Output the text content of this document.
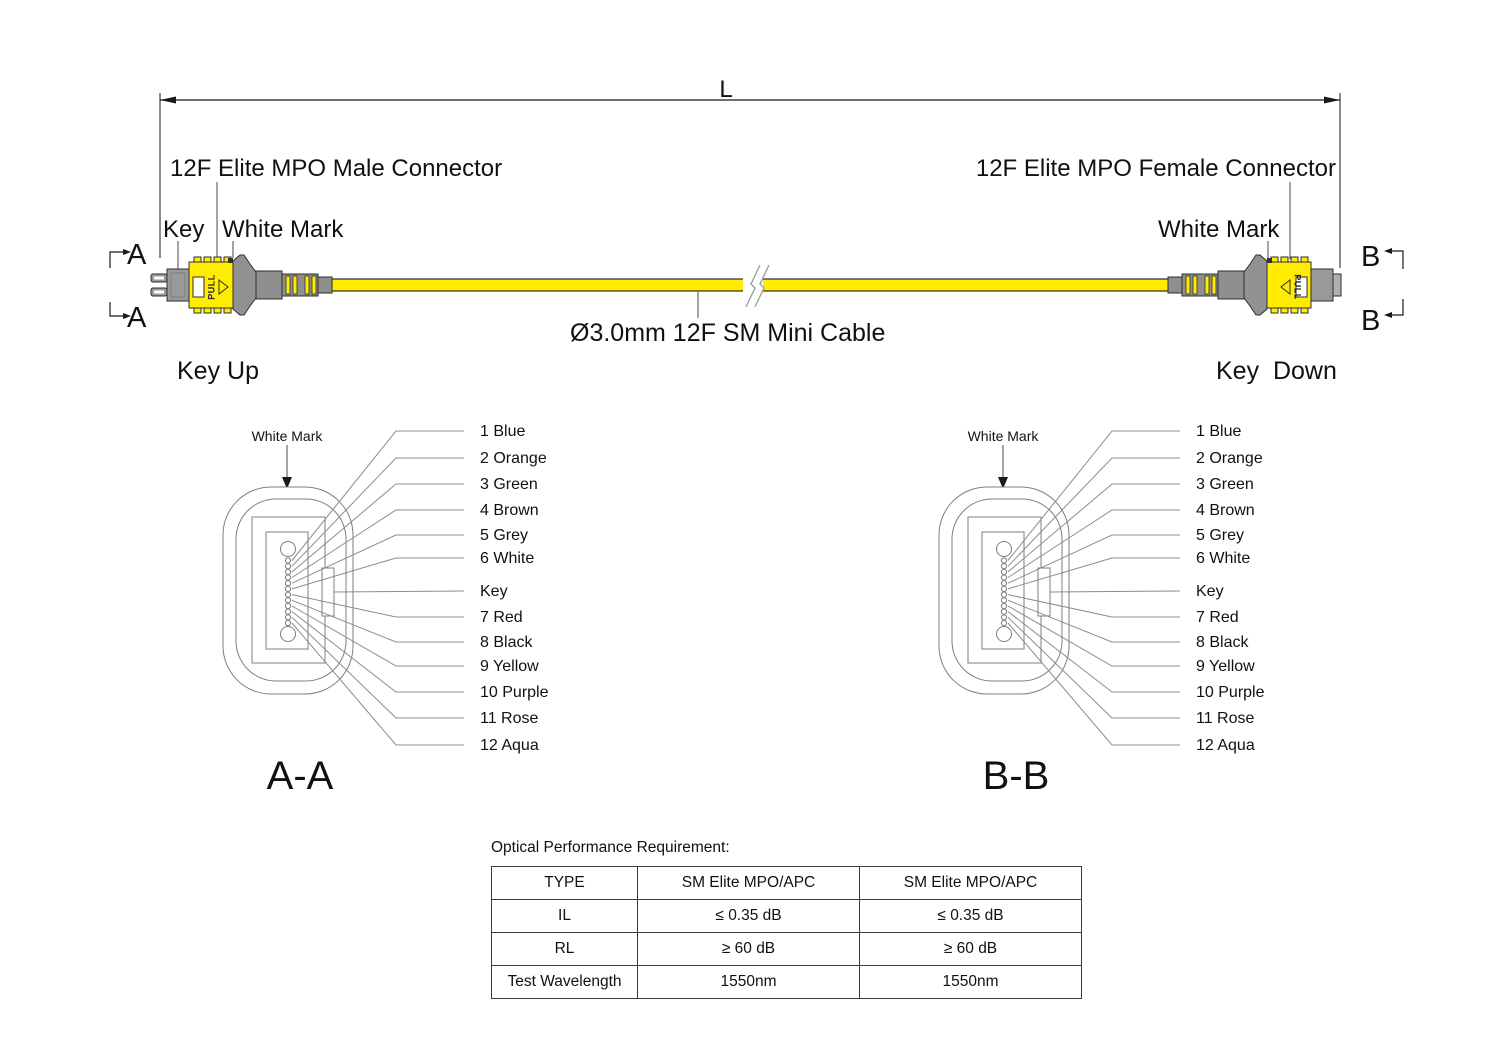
L
12F Elite MPO Male Connector	12F Elite MPO Female Connector
Key White Mark	White Mark
A
A
B
B
Ø3.0mm 12F SM Mini Cable
PULL	PULL
Key Up	Key  Down
White Mark	1 Blue
2 Orange
3 Green
4 Brown
5 Grey
6 White
Key
7 Red
8 Black
9 Yellow
10 Purple
11 Rose
12 Aqua
A-A
White Mark	1 Blue
2 Orange
3 Green
4 Brown
5 Grey
6 White
Key
7 Red
8 Black
9 Yellow
10 Purple
11 Rose
12 Aqua
B-B
Optical Performance Requirement:
TYPE	SM Elite MPO/APC	SM Elite MPO/APC
IL	≤ 0.35 dB	≤ 0.35 dB
RL	≥ 60 dB	≥ 60 dB
Test Wavelength	1550nm	1550nm
